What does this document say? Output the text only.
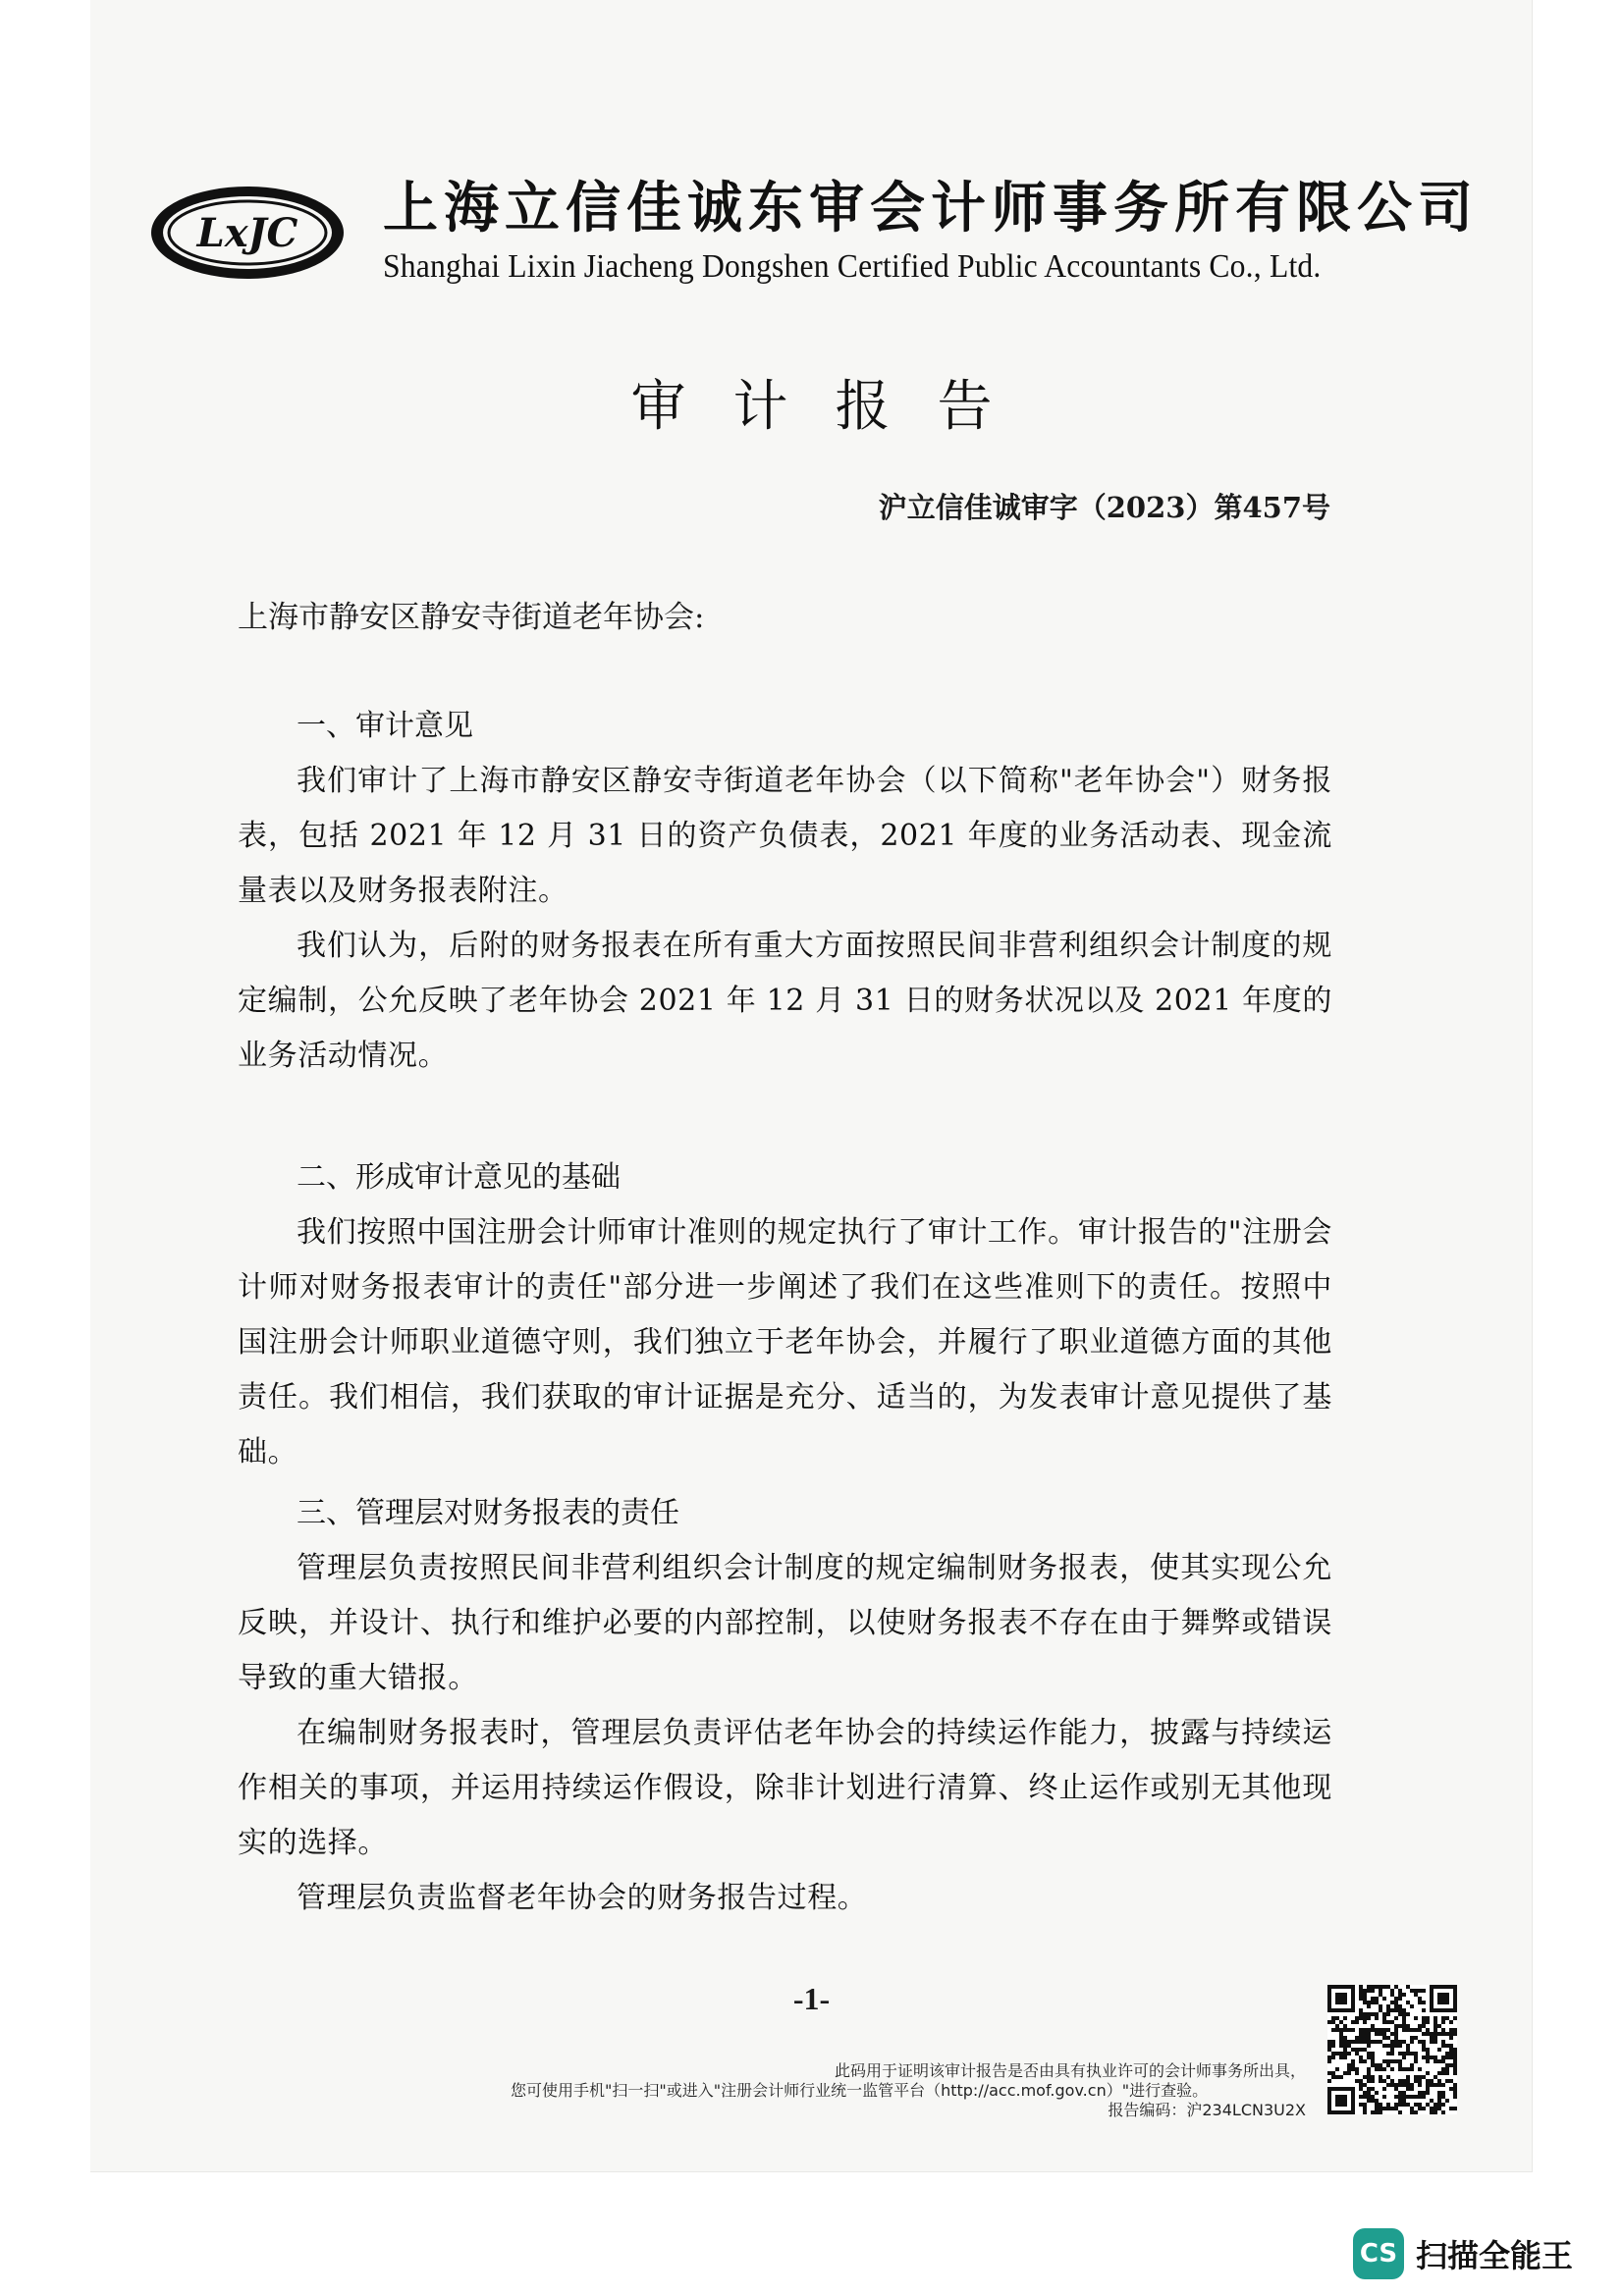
LxJC 上海立信佳诚东审会计师事务所有限公司
Shanghai Lixin Jiacheng Dongshen Certified Public Accountants Co., Ltd.
审计报告
沪立信佳诚审字（2023）第457号
上海市静安区静安寺街道老年协会:
一、审计意见
我们审计了上海市静安区静安寺街道老年协会（以下简称"老年协会"）财务报表，包括 2021 年 12 月 31 日的资产负债表，2021 年度的业务活动表、现金流量表以及财务报表附注。
我们认为，后附的财务报表在所有重大方面按照民间非营利组织会计制度的规定编制，公允反映了老年协会 2021 年 12 月 31 日的财务状况以及 2021 年度的业务活动情况。
二、形成审计意见的基础
我们按照中国注册会计师审计准则的规定执行了审计工作。审计报告的"注册会计师对财务报表审计的责任"部分进一步阐述了我们在这些准则下的责任。按照中国注册会计师职业道德守则，我们独立于老年协会，并履行了职业道德方面的其他责任。我们相信，我们获取的审计证据是充分、适当的，为发表审计意见提供了基础。
三、管理层对财务报表的责任
管理层负责按照民间非营利组织会计制度的规定编制财务报表，使其实现公允反映，并设计、执行和维护必要的内部控制，以使财务报表不存在由于舞弊或错误导致的重大错报。
在编制财务报表时，管理层负责评估老年协会的持续运作能力，披露与持续运作相关的事项，并运用持续运作假设，除非计划进行清算、终止运作或别无其他现实的选择。
管理层负责监督老年协会的财务报告过程。
-1-
此码用于证明该审计报告是否由具有执业许可的会计师事务所出具，
您可使用手机"扫一扫"或进入"注册会计师行业统一监管平台（http://acc.mof.gov.cn）"进行查验。
报告编码：沪234LCN3U2X
CS 扫描全能王
